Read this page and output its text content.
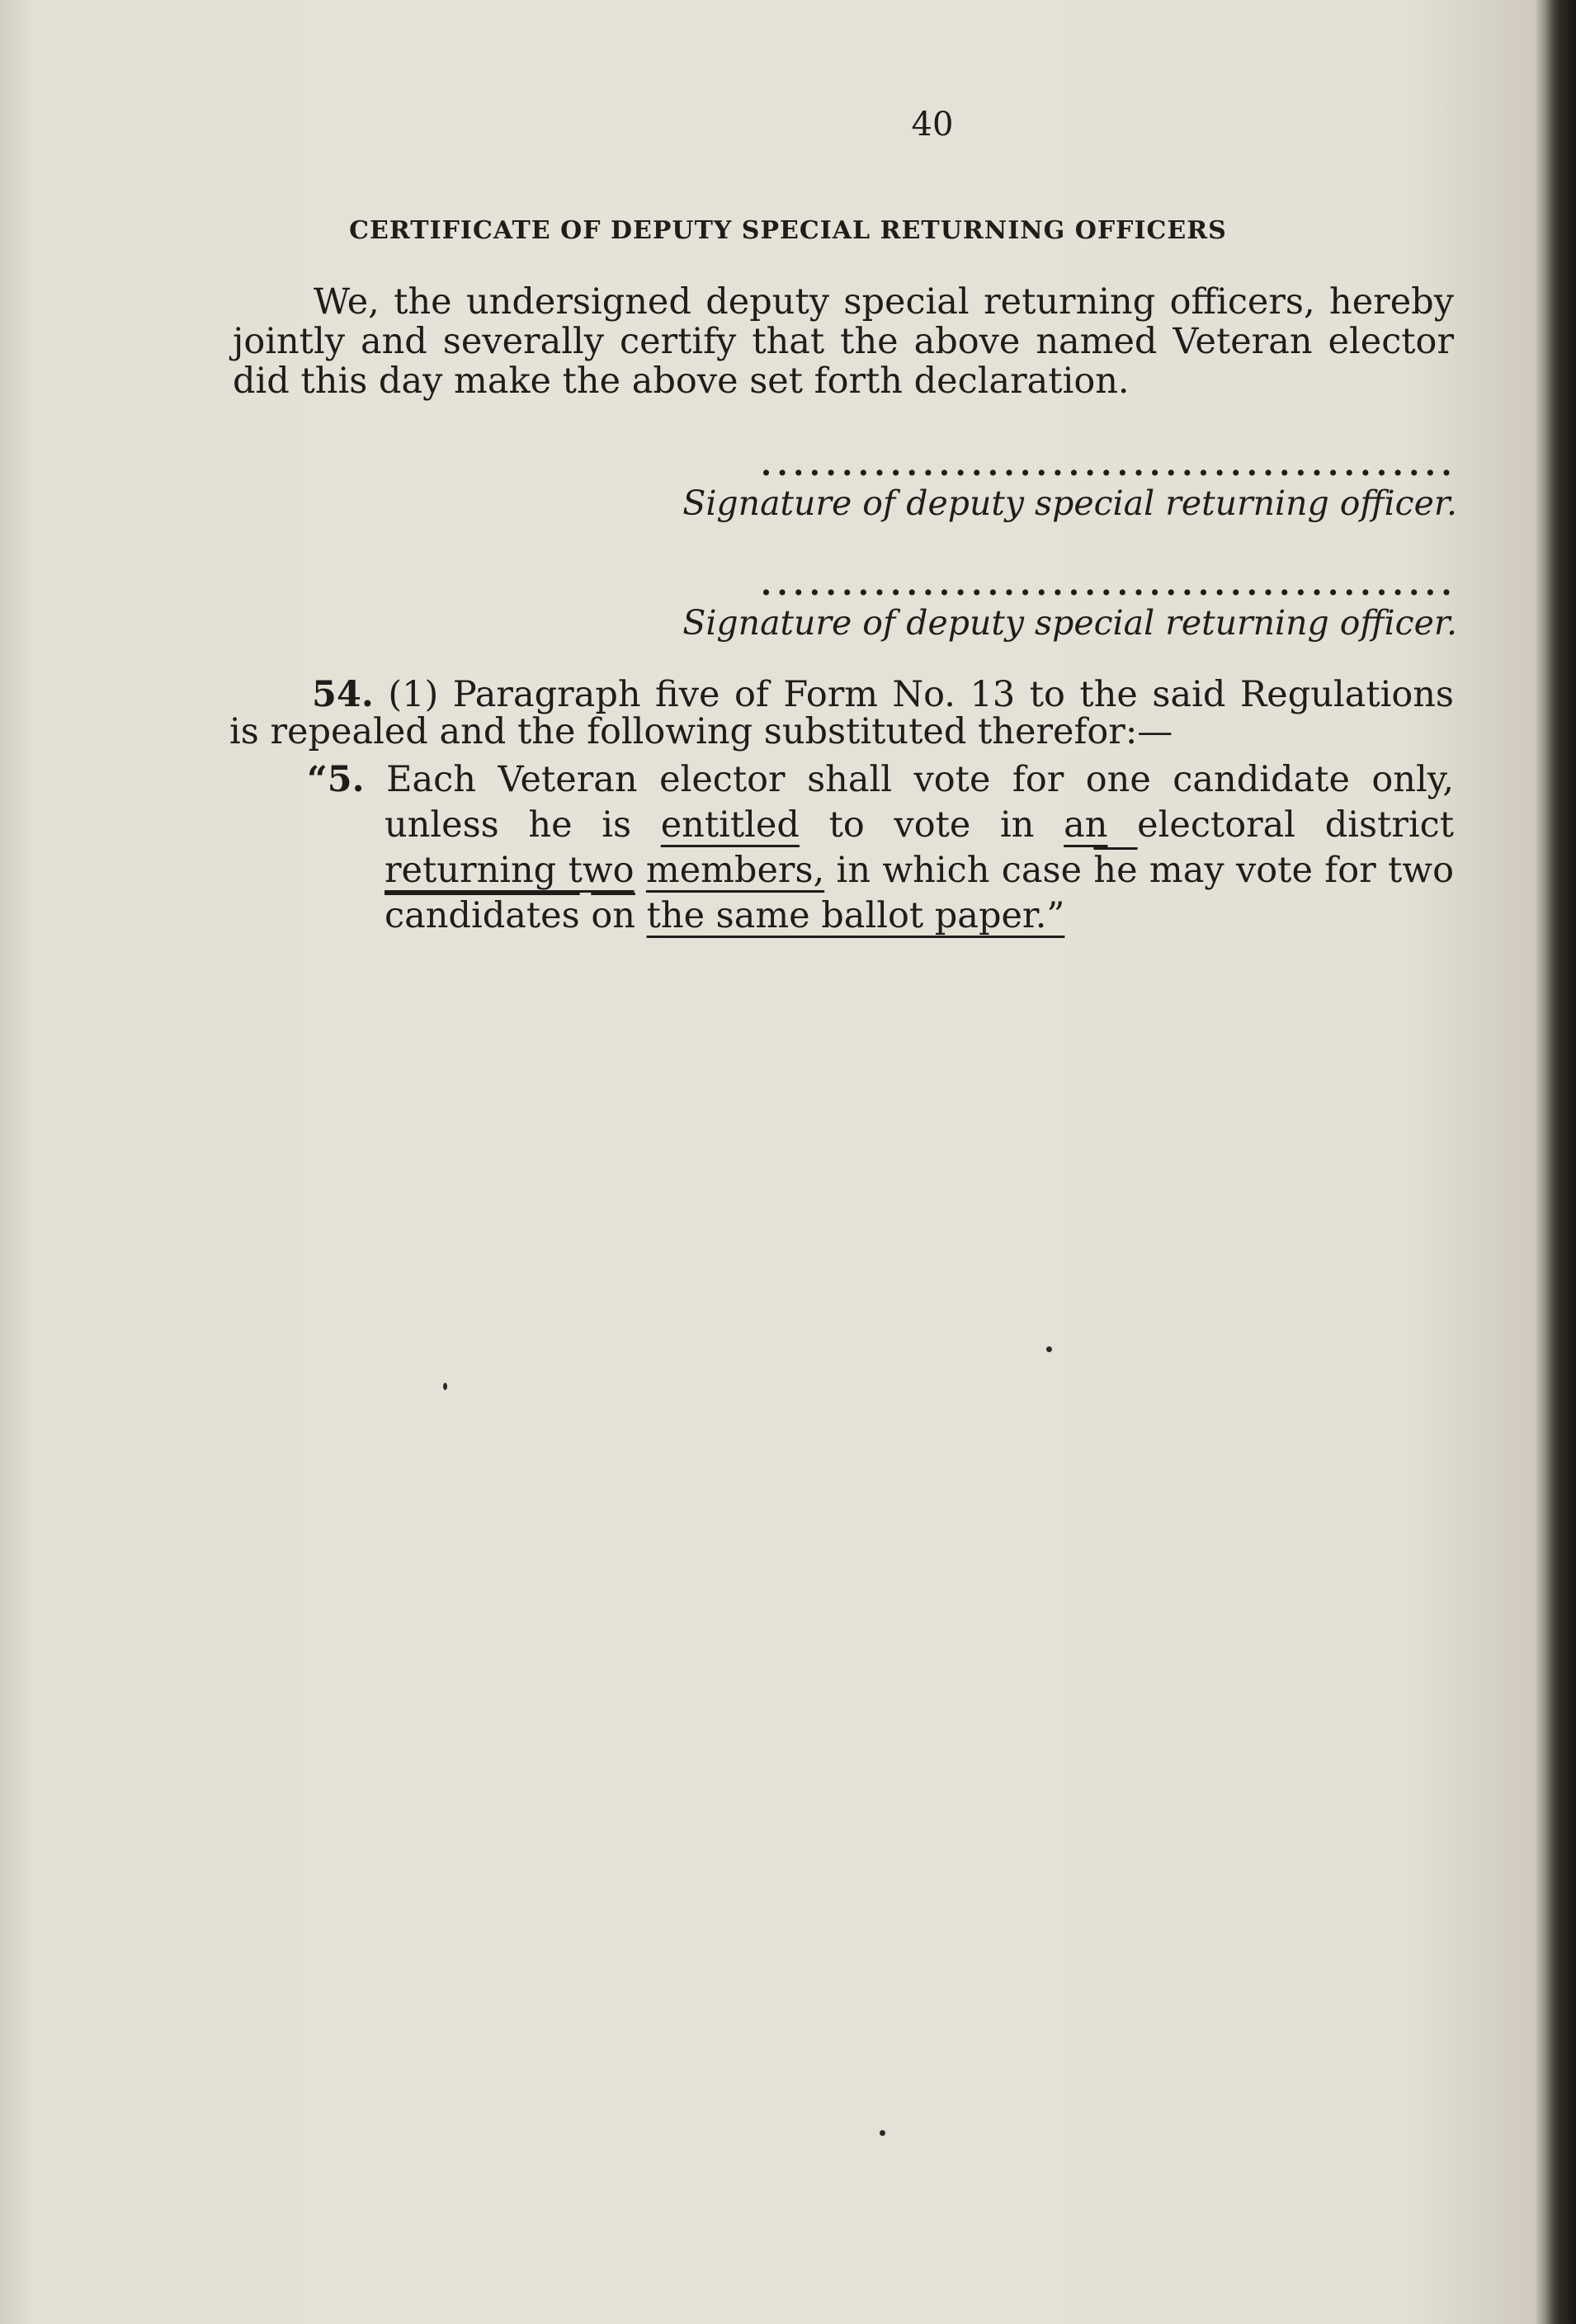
40
CERTIFICATE OF DEPUTY SPECIAL RETURNING OFFICERS
We, the undersigned deputy special returning officers, hereby jointly and severally certify that the above named Veteran elector did this day make the above set forth declaration.
...........................................
Signature of deputy special returning officer.
...........................................
Signature of deputy special returning officer.
54. (1) Paragraph five of Form No. 13 to the said Regulations is repealed and the following substituted therefor:—
“5. Each Veteran elector shall vote for one candidate only, unless he is entitled to vote in an electoral district returning two members, in which case $\overline{he}$ may vote for two candidates $\overline{on}$ the same ballot paper.”
